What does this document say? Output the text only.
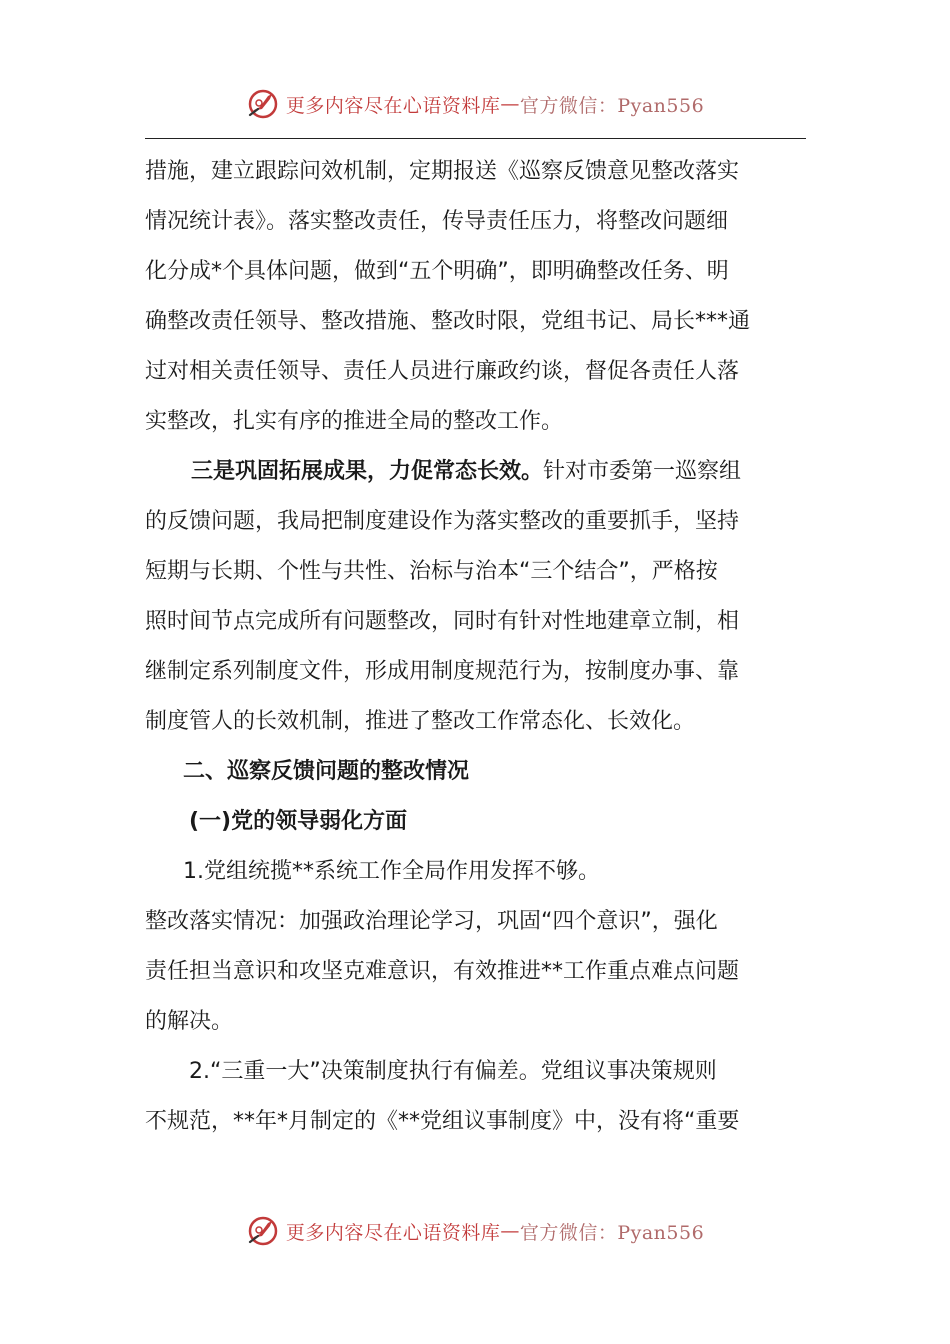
更多内容尽在心语资料库 — 官方微信：Pyan556
措施，建立跟踪问效机制，定期报送《巡察反馈意见整改落实
情况统计表》。落实整改责任，传导责任压力，将整改问题细
化分成*个具体问题，做到“五个明确”，即明确整改任务、明
确整改责任领导、整改措施、整改时限，党组书记、局长***通
过对相关责任领导、责任人员进行廉政约谈，督促各责任人落
实整改，扎实有序的推进全局的整改工作。
三是巩固拓展成果，力促常态长效。针对市委第一巡察组
的反馈问题，我局把制度建设作为落实整改的重要抓手，坚持
短期与长期、个性与共性、治标与治本“三个结合”，严格按
照时间节点完成所有问题整改，同时有针对性地建章立制，相
继制定系列制度文件，形成用制度规范行为，按制度办事、靠
制度管人的长效机制，推进了整改工作常态化、长效化。
二、巡察反馈问题的整改情况
(一)党的领导弱化方面
1.党组统揽**系统工作全局作用发挥不够。
整改落实情况：加强政治理论学习，巩固“四个意识”，强化
责任担当意识和攻坚克难意识，有效推进**工作重点难点问题
的解决。
2.“三重一大”决策制度执行有偏差。党组议事决策规则
不规范，**年*月制定的《**党组议事制度》中，没有将“重要
更多内容尽在心语资料库 — 官方微信：Pyan556
